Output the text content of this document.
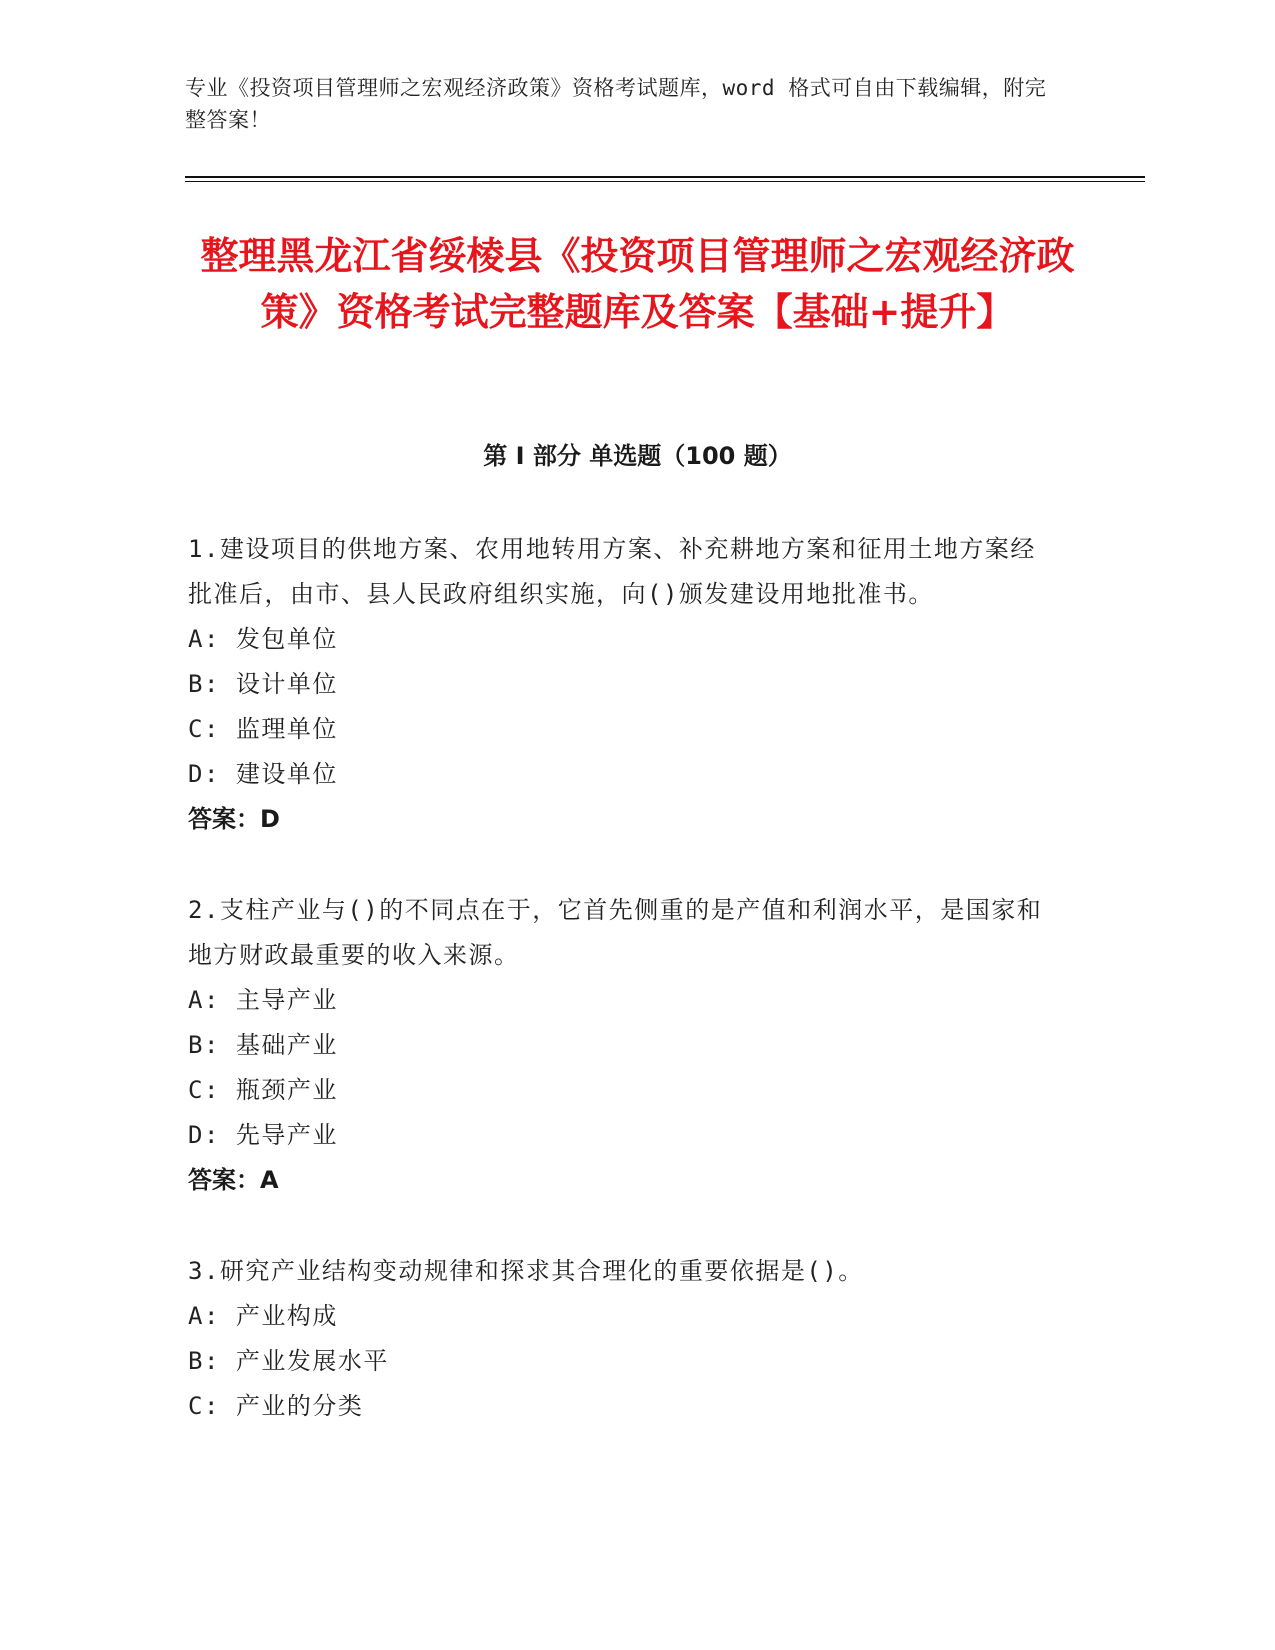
专业《投资项目管理师之宏观经济政策》资格考试题库，word 格式可自由下载编辑，附完整答案！
整理黑龙江省绥棱县《投资项目管理师之宏观经济政策》资格考试完整题库及答案【基础+提升】
第 I 部分 单选题（100 题）
1.建设项目的供地方案、农用地转用方案、补充耕地方案和征用土地方案经批准后，由市、县人民政府组织实施，向()颁发建设用地批准书。
A: 发包单位
B: 设计单位
C: 监理单位
D: 建设单位
答案：D
2.支柱产业与()的不同点在于，它首先侧重的是产值和利润水平，是国家和地方财政最重要的收入来源。
A: 主导产业
B: 基础产业
C: 瓶颈产业
D: 先导产业
答案：A
3.研究产业结构变动规律和探求其合理化的重要依据是()。
A: 产业构成
B: 产业发展水平
C: 产业的分类
